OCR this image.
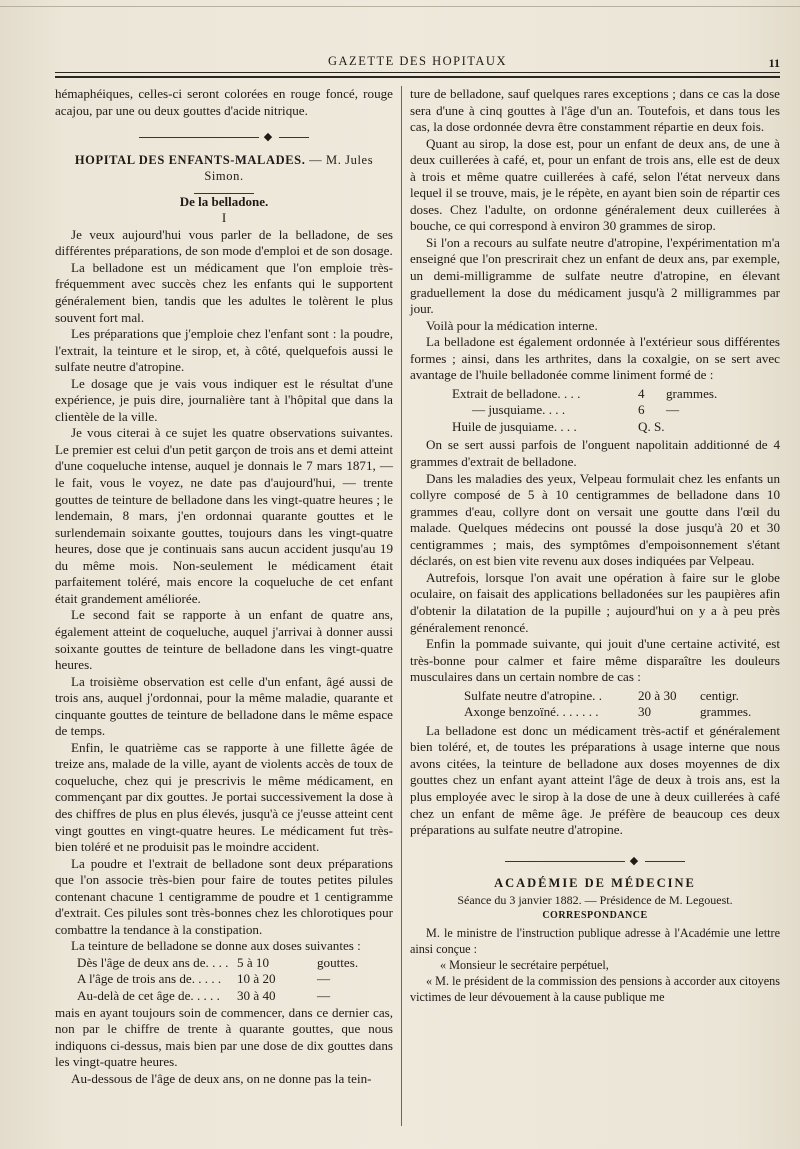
GAZETTE DES HOPITAUX	11

hémaphéiques, celles-ci seront colorées en rouge foncé, rouge acajou, par une ou deux gouttes d'acide nitrique.

◆

HOPITAL DES ENFANTS-MALADES. — M. Jules Simon.

De la belladone.

I

Je veux aujourd'hui vous parler de la belladone, de ses différentes préparations, de son mode d'emploi et de son dosage.

La belladone est un médicament que l'on emploie très-fréquemment avec succès chez les enfants qui le supportent généralement bien, tandis que les adultes le tolèrent le plus souvent fort mal.

Les préparations que j'emploie chez l'enfant sont : la poudre, l'extrait, la teinture et le sirop, et, à côté, quelquefois aussi le sulfate neutre d'atropine.

Le dosage que je vais vous indiquer est le résultat d'une expérience, je puis dire, journalière tant à l'hôpital que dans la clientèle de la ville.

Je vous citerai à ce sujet les quatre observations suivantes. Le premier est celui d'un petit garçon de trois ans et demi atteint d'une coqueluche intense, auquel je donnais le 7 mars 1871, — le fait, vous le voyez, ne date pas d'aujourd'hui, — trente gouttes de teinture de belladone dans les vingt-quatre heures ; le lendemain, 8 mars, j'en ordonnai quarante gouttes et le surlendemain soixante gouttes, toujours dans les vingt-quatre heures, dose que je continuais sans aucun accident jusqu'au 19 du même mois. Non-seulement le médicament était parfaitement toléré, mais encore la coqueluche de cet enfant était grandement améliorée.

Le second fait se rapporte à un enfant de quatre ans, également atteint de coqueluche, auquel j'arrivai à donner aussi soixante gouttes de teinture de belladone dans les vingt-quatre heures.

La troisième observation est celle d'un enfant, âgé aussi de trois ans, auquel j'ordonnai, pour la même maladie, quarante et cinquante gouttes de teinture de belladone dans le même espace de temps.

Enfin, le quatrième cas se rapporte à une fillette âgée de treize ans, malade de la ville, ayant de violents accès de toux de coqueluche, chez qui je prescrivis le même médicament, en commençant par dix gouttes. Je portai successivement la dose à des chiffres de plus en plus élevés, jusqu'à ce j'eusse atteint cent vingt gouttes en vingt-quatre heures. Le médicament fut très-bien toléré et ne produisit pas le moindre accident.

La poudre et l'extrait de belladone sont deux préparations que l'on associe très-bien pour faire de toutes petites pilules contenant chacune 1 centigramme de poudre et 1 centigramme d'extrait. Ces pilules sont très-bonnes chez les chlorotiques pour combattre la tendance à la constipation.

La teinture de belladone se donne aux doses suivantes :

Dès l'âge de deux ans de. . . . 5 à 10	gouttes.
A l'âge de trois ans de. . . . .	10 à 20	—
Au-delà de cet âge de. . . . .	30 à 40	—

mais en ayant toujours soin de commencer, dans ce dernier cas, non par le chiffre de trente à quarante gouttes, que nous indiquons ci-dessus, mais bien par une dose de dix gouttes dans les vingt-quatre heures.

Au-dessous de l'âge de deux ans, on ne donne pas la tein-

ture de belladone, sauf quelques rares exceptions ; dans ce cas la dose sera d'une à cinq gouttes à l'âge d'un an. Toutefois, et dans tous les cas, la dose ordonnée devra être constamment répartie en deux fois.

Quant au sirop, la dose est, pour un enfant de deux ans, de une à deux cuillerées à café, et, pour un enfant de trois ans, elle est de deux à trois et même quatre cuillerées à café, selon l'état nerveux dans lequel il se trouve, mais, je le répète, en ayant bien soin de répartir ces doses. Chez l'adulte, on ordonne généralement deux cuillerées à bouche, ce qui correspond à environ 30 grammes de sirop.

Si l'on a recours au sulfate neutre d'atropine, l'expérimentation m'a enseigné que l'on prescrirait chez un enfant de deux ans, par exemple, un demi-milligramme de sulfate neutre d'atropine, en élevant graduellement la dose du médicament jusqu'à 2 milligrammes par jour.

Voilà pour la médication interne.

La belladone est également ordonnée à l'extérieur sous différentes formes ; ainsi, dans les arthrites, dans la coxalgie, on se sert avec avantage de l'huile belladonée comme liniment formé de :

Extrait de belladone. . . .	4	grammes.
— jusquiame. . . .	6	—
Huile de jusquiame. . . .	Q. S.

On se sert aussi parfois de l'onguent napolitain additionné de 4 grammes d'extrait de belladone.

Dans les maladies des yeux, Velpeau formulait chez les enfants un collyre composé de 5 à 10 centigrammes de belladone dans 10 grammes d'eau, collyre dont on versait une goutte dans l'œil du malade. Quelques médecins ont poussé la dose jusqu'à 20 et 30 centigrammes ; mais, des symptômes d'empoisonnement s'étant déclarés, on est bien vite revenu aux doses indiquées par Velpeau.

Autrefois, lorsque l'on avait une opération à faire sur le globe oculaire, on faisait des applications belladonées sur les paupières afin d'obtenir la dilatation de la pupille ; aujourd'hui on y a à peu près généralement renoncé.

Enfin la pommade suivante, qui jouit d'une certaine activité, est très-bonne pour calmer et faire même disparaître les douleurs musculaires dans un certain nombre de cas :

Sulfate neutre d'atropine. .	20 à 30	centigr.
Axonge benzoïné. . . . . . .	30	grammes.

La belladone est donc un médicament très-actif et généralement bien toléré, et, de toutes les préparations à usage interne que nous avons citées, la teinture de belladone aux doses moyennes de dix gouttes chez un enfant ayant atteint l'âge de deux à trois ans, est la plus employée avec le sirop à la dose de une à deux cuillerées à café chez un enfant de même âge. Je préfère de beaucoup ces deux préparations au sulfate neutre d'atropine.

◆

ACADÉMIE DE MÉDECINE

Séance du 3 janvier 1882. — Présidence de M. Legouest.

CORRESPONDANCE

M. le ministre de l'instruction publique adresse à l'Académie une lettre ainsi conçue :

« Monsieur le secrétaire perpétuel,

« M. le président de la commission des pensions à accorder aux citoyens victimes de leur dévouement à la cause publique me
